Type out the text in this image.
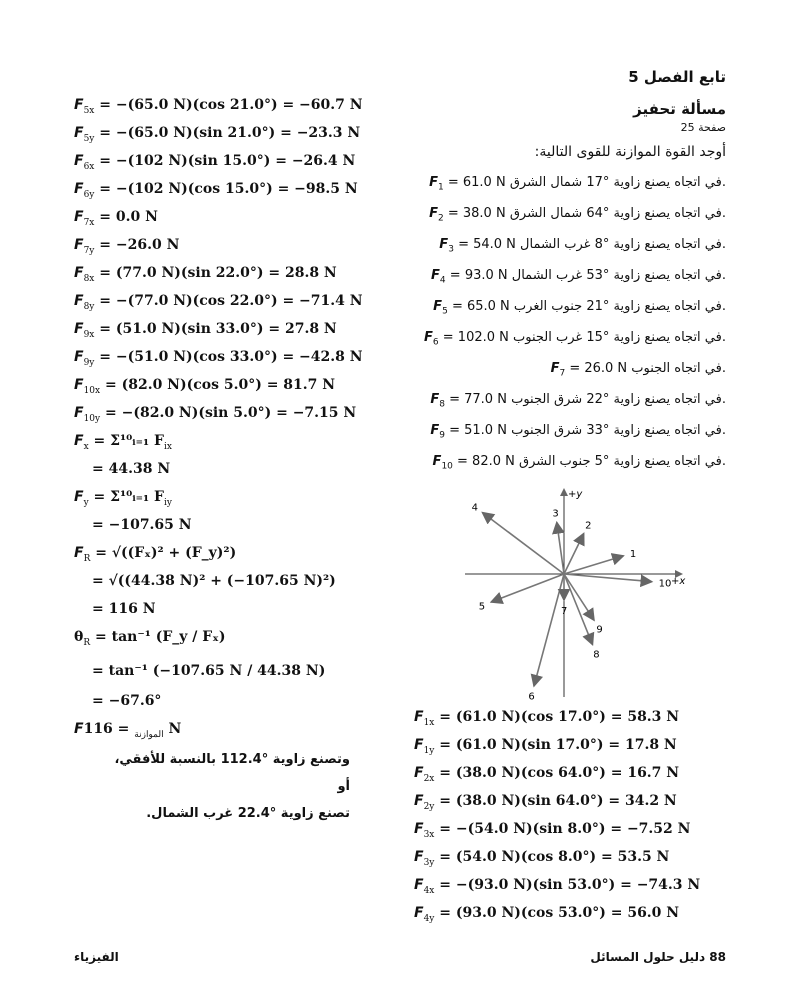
تابع الفصل 5
مسألة تحفيز
صفحة 25
أوجد القوة الموازنة للقوى التالية:
$F_1 = 61.0$ N في اتجاه يصنع زاوية °17 شمال الشرق.
$F_2 = 38.0$ N في اتجاه يصنع زاوية °64 شمال الشرق.
$F_3 = 54.0$ N في اتجاه يصنع زاوية °8 غرب الشمال.
$F_4 = 93.0$ N في اتجاه يصنع زاوية °53 غرب الشمال.
$F_5 = 65.0$ N في اتجاه يصنع زاوية °21 جنوب الغرب.
$F_6 = 102.0$ N في اتجاه يصنع زاوية °15 غرب الجنوب.
$F_7 = 26.0$ N في اتجاه الجنوب.
$F_8 = 77.0$ N في اتجاه يصنع زاوية °22 شرق الجنوب.
$F_9 = 51.0$ N في اتجاه يصنع زاوية °33 شرق الجنوب.
$F_{10} = 82.0$ N في اتجاه يصنع زاوية °5 جنوب الشرق.
+x
+y
1
2
3
4
5
6
7
8
9
10
$F_{1x} = (61.0$ N)(cos 17.0°) = 58.3 N
$F_{1y} = (61.0$ N)(sin 17.0°) = 17.8 N
$F_{2x} = (38.0$ N)(cos 64.0°) = 16.7 N
$F_{2y} = (38.0$ N)(sin 64.0°) = 34.2 N
$F_{3x} = -(54.0$ N)(sin 8.0°) = −7.52 N
$F_{3y} = (54.0$ N)(cos 8.0°) = 53.5 N
$F_{4x} = -(93.0$ N)(sin 53.0°) = −74.3 N
$F_{4y} = (93.0$ N)(cos 53.0°) = 56.0 N
$F_{5x} = -(65.0$ N)(cos 21.0°) = −60.7 N
$F_{5y} = -(65.0$ N)(sin 21.0°) = −23.3 N
$F_{6x} = -(102$ N)(sin 15.0°) = −26.4 N
$F_{6y} = -(102$ N)(cos 15.0°) = −98.5 N
$F_{7x} = 0.0$ N
$F_{7y} = -26.0$ N
$F_{8x} = (77.0$ N)(sin 22.0°) = 28.8 N
$F_{8y} = -(77.0$ N)(cos 22.0°) = −71.4 N
$F_{9x} = (51.0$ N)(sin 33.0°) = 27.8 N
$F_{9y} = -(51.0$ N)(cos 33.0°) = −42.8 N
$F_{10x} = (82.0$ N)(cos 5.0°) = 81.7 N
$F_{10y} = -(82.0$ N)(sin 5.0°) = −7.15 N
$F_x$ = Σ¹⁰ᵢ₌₁ $F_{ix}$
= 44.38 N
$F_y$ = Σ¹⁰ᵢ₌₁ $F_{iy}$
= −107.65 N
$F_R = √((F_x)^2$ + (F_y)²)
= √((44.38 N)² + (−107.65 N)²)
= 116 N
$\theta_R = \tan^{-1}$ (F_y / Fₓ)
= tan⁻¹ (−107.65 N / 44.38 N)
= −67.6°
F	$_{الموازنة}$ = 116 N
وتصنع زاوية °112.4 بالنسبة للأفقي،
أو
تصنع زاوية °22.4 غرب الشمال.
الفيزياء	88 دليل حلول المسائل
